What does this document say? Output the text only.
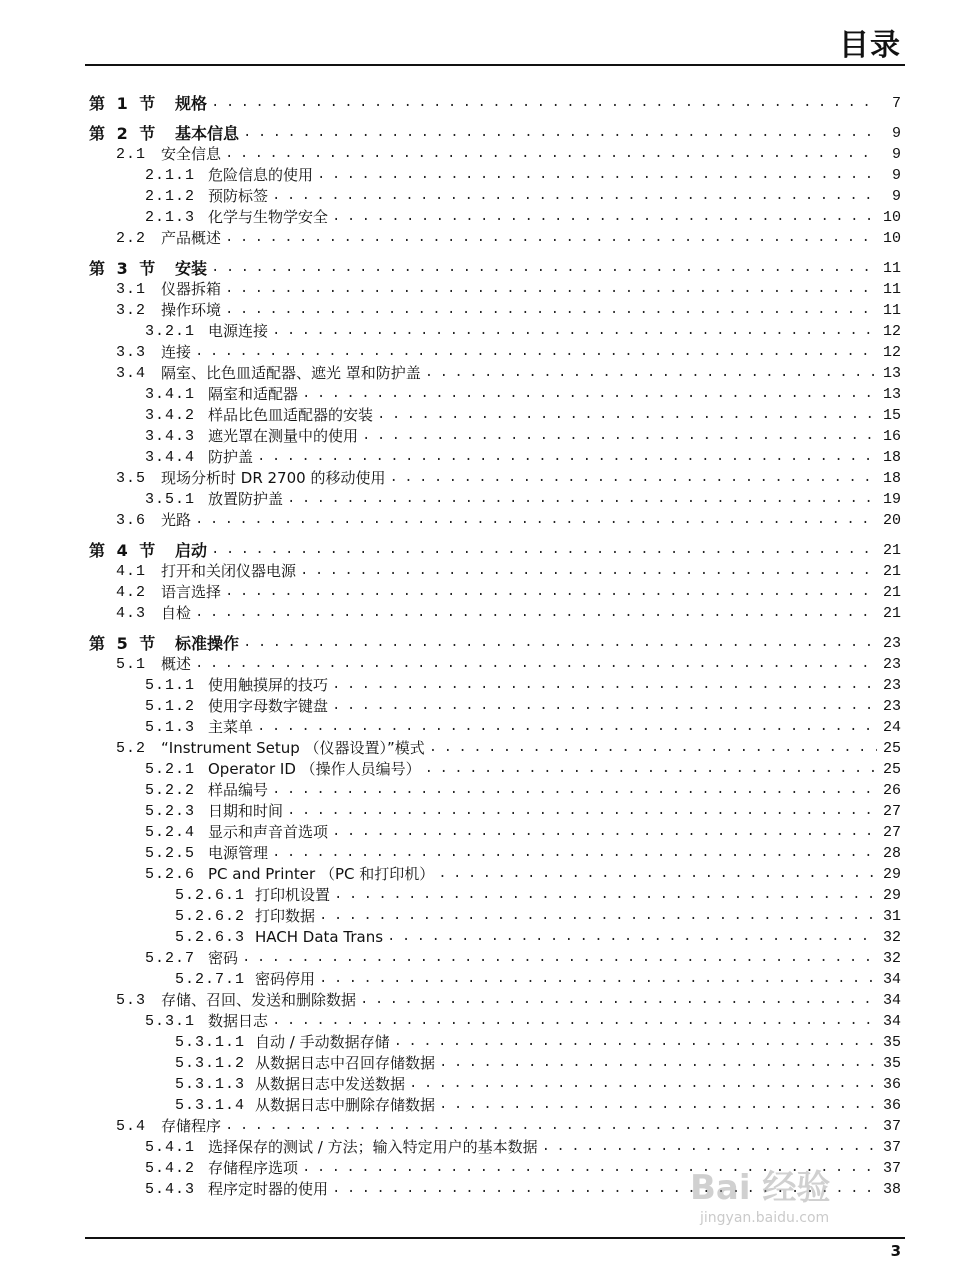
目录
第 1 节 规格 . . .	7
第 2 节 基本信息 . . .	9
2.1 安全信息 . . .	9
2.1.1 危险信息的使用 . . .	9
2.1.2 预防标签 . . .	9
2.1.3 化学与生物学安全 . . .	10
2.2 产品概述 . . .	10
第 3 节 安装 . . .	11
3.1 仪器拆箱 . . .	11
3.2 操作环境 . . .	11
3.2.1 电源连接 . . .	12
3.3 连接 . . .	12
3.4 隔室、比色皿适配器、遮光 罩和防护盖 . . .	13
3.4.1 隔室和适配器 . . .	13
3.4.2 样品比色皿适配器的安装 . . .	15
3.4.3 遮光罩在测量中的使用 . . .	16
3.4.4 防护盖 . . .	18
3.5 现场分析时 DR 2700 的移动使用 . . .	18
3.5.1 放置防护盖 . . .	19
3.6 光路 . . .	20
第 4 节 启动 . . .	21
4.1 打开和关闭仪器电源 . . .	21
4.2 语言选择 . . .	21
4.3 自检 . . .	21
第 5 节 标准操作 . . .	23
5.1 概述 . . .	23
5.1.1 使用触摸屏的技巧 . . .	23
5.1.2 使用字母数字键盘 . . .	23
5.1.3 主菜单 . . .	24
5.2 “Instrument Setup （仪器设置）”模式 . . .	25
5.2.1 Operator ID （操作人员编号） . . .	25
5.2.2 样品编号 . . .	26
5.2.3 日期和时间 . . .	27
5.2.4 显示和声音首选项 . . .	27
5.2.5 电源管理 . . .	28
5.2.6 PC and Printer （PC 和打印机） . . .	29
5.2.6.1 打印机设置 . . .	29
5.2.6.2 打印数据 . . .	31
5.2.6.3 HACH Data Trans . . .	32
5.2.7 密码 . . .	32
5.2.7.1 密码停用 . . .	34
5.3 存储、召回、发送和删除数据 . . .	34
5.3.1 数据日志 . . .	34
5.3.1.1 自动 / 手动数据存储 . . .	35
5.3.1.2 从数据日志中召回存储数据 . . .	35
5.3.1.3 从数据日志中发送数据 . . .	36
5.3.1.4 从数据日志中删除存储数据 . . .	36
5.4 存储程序 . . .	37
5.4.1 选择保存的测试 / 方法；输入特定用户的基本数据 . . .	37
5.4.2 存储程序选项 . . .	37
5.4.3 程序定时器的使用 . . .	38
3
Bai 经验
jingyan.baidu.com
